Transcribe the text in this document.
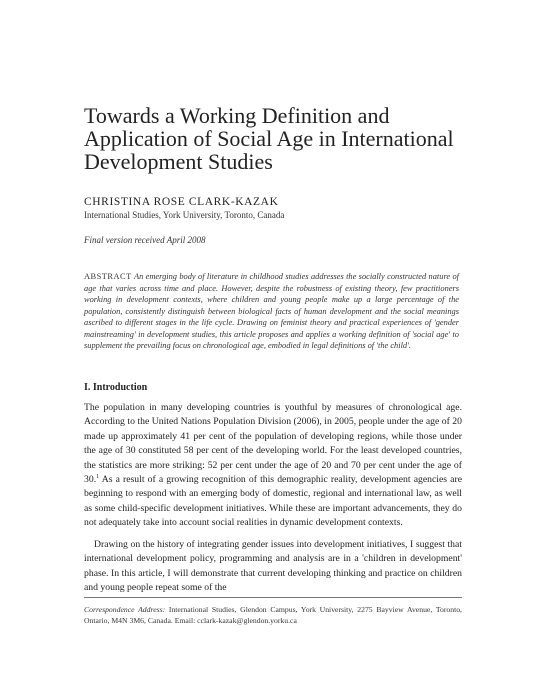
Towards a Working Definition and
Application of Social Age in International
Development Studies
CHRISTINA ROSE CLARK-KAZAK
International Studies, York University, Toronto, Canada
Final version received April 2008
ABSTRACT An emerging body of literature in childhood studies addresses the socially constructed nature of age that varies across time and place. However, despite the robustness of existing theory, few practitioners working in development contexts, where children and young people make up a large percentage of the population, consistently distinguish between biological facts of human development and the social meanings ascribed to different stages in the life cycle. Drawing on feminist theory and practical experiences of 'gender mainstreaming' in development studies, this article proposes and applies a working definition of 'social age' to supplement the prevailing focus on chronological age, embodied in legal definitions of 'the child'.
I. Introduction
The population in many developing countries is youthful by measures of chronological age. According to the United Nations Population Division (2006), in 2005, people under the age of 20 made up approximately 41 per cent of the population of developing regions, while those under the age of 30 constituted 58 per cent of the developing world. For the least developed countries, the statistics are more striking: 52 per cent under the age of 20 and 70 per cent under the age of 30.$^1$ As a result of a growing recognition of this demographic reality, development agencies are beginning to respond with an emerging body of domestic, regional and international law, as well as some child-specific development initiatives. While these are important advancements, they do not adequately take into account social realities in dynamic development contexts.
Drawing on the history of integrating gender issues into development initiatives, I suggest that international development policy, programming and analysis are in a 'children in development' phase. In this article, I will demonstrate that current developing thinking and practice on children and young people repeat some of the
Correspondence Address: International Studies, Glendon Campus, York University, 2275 Bayview Avenue, Toronto, Ontario, M4N 3M6, Canada. Email: cclark-kazak@glendon.yorku.ca
